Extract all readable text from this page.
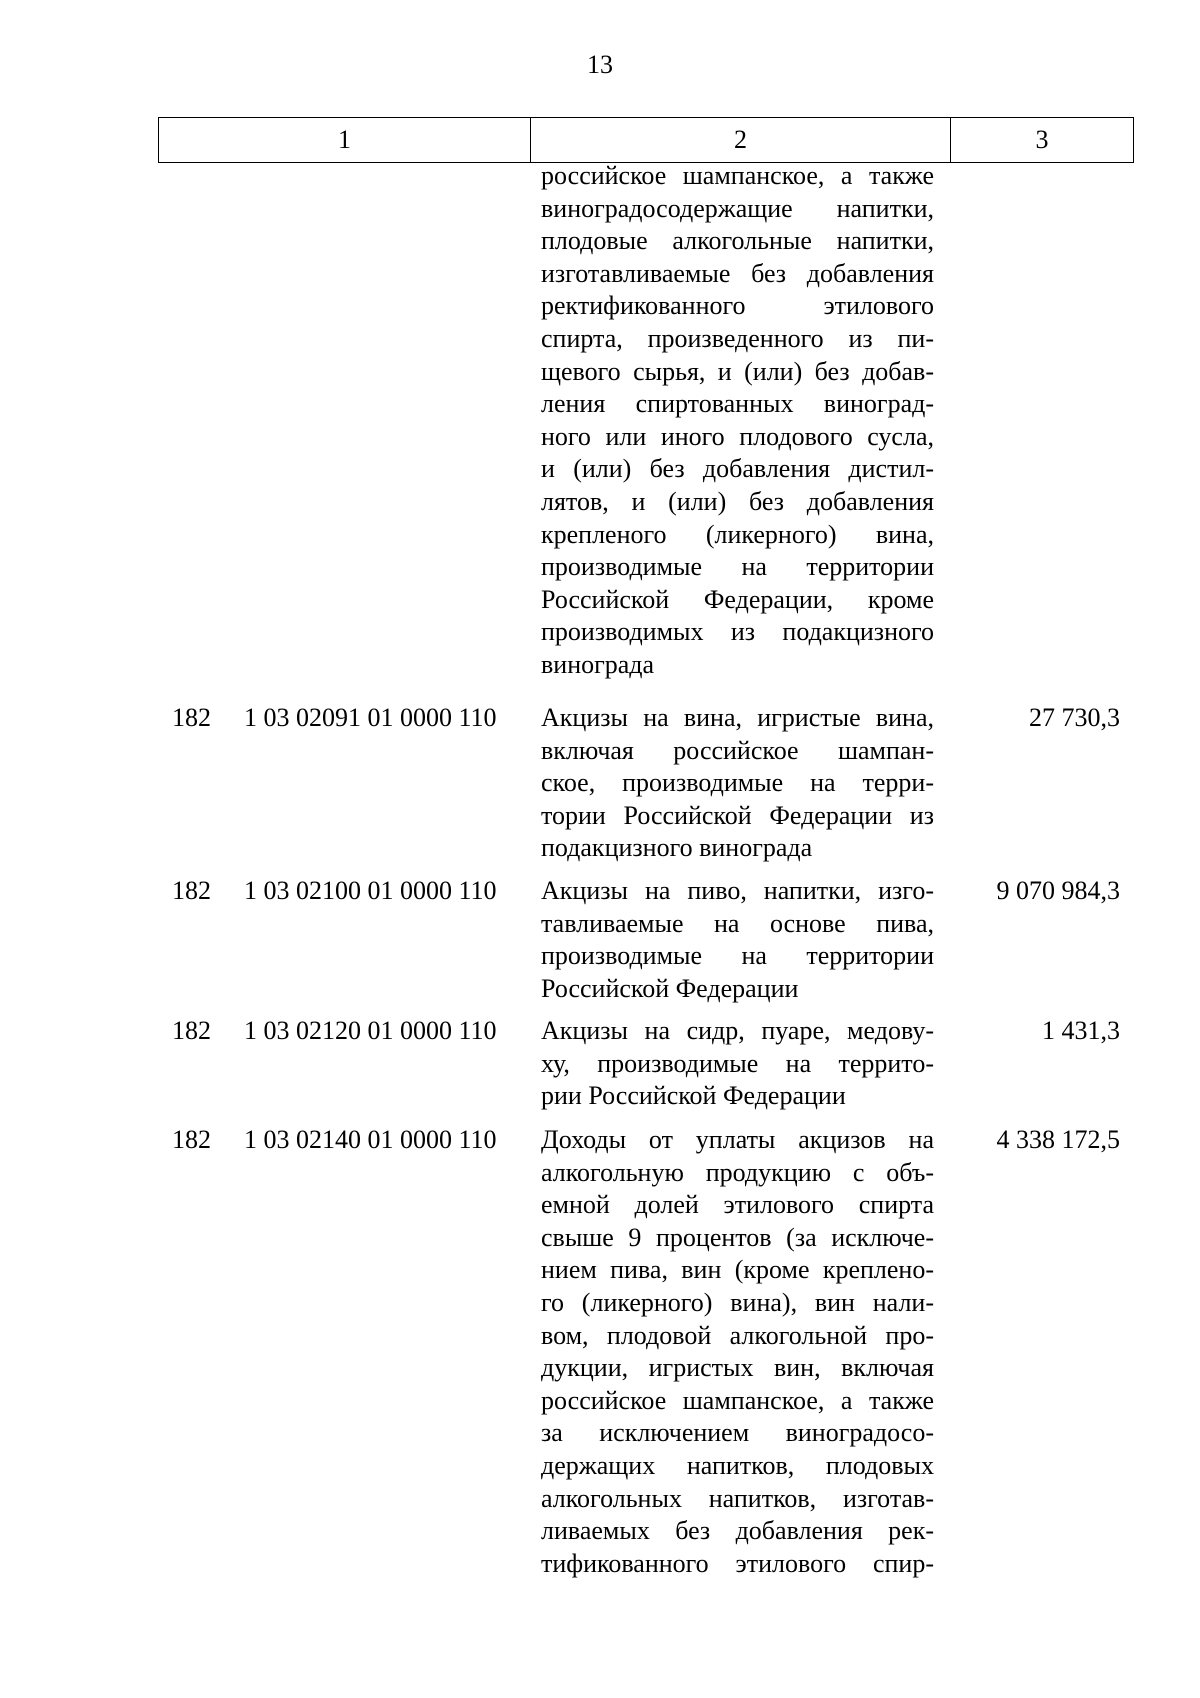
13
1	2	3
российское шампанское, а также
виноградосодержащие напитки,
плодовые алкогольные напитки,
изготавливаемые без добавления
ректификованного этилового
спирта, произведенного из пи-
щевого сырья, и (или) без добав-
ления спиртованных виноград-
ного или иного плодового сусла,
и (или) без добавления дистил-
лятов, и (или) без добавления
крепленого (ликерного) вина,
производимые на территории
Российской Федерации, кроме
производимых из подакцизного
винограда
182	1 03 02091 01 0000 110	Акцизы на вина, игристые вина,
включая российское шампан-
ское, производимые на терри-
тории Российской Федерации из
подакцизного винограда
27 730,3
182	1 03 02100 01 0000 110	Акцизы на пиво, напитки, изго-
тавливаемые на основе пива,
производимые на территории
Российской Федерации
9 070 984,3
182	1 03 02120 01 0000 110	Акцизы на сидр, пуаре, медову-
ху, производимые на террито-
рии Российской Федерации
1 431,3
182	1 03 02140 01 0000 110	Доходы от уплаты акцизов на
алкогольную продукцию с объ-
емной долей этилового спирта
свыше 9 процентов (за исключе-
нием пива, вин (кроме креплено-
го (ликерного) вина), вин нали-
вом, плодовой алкогольной про-
дукции, игристых вин, включая
российское шампанское, а также
за исключением виноградосо-
держащих напитков, плодовых
алкогольных напитков, изготав-
ливаемых без добавления рек-
тификованного этилового спир-
4 338 172,5
